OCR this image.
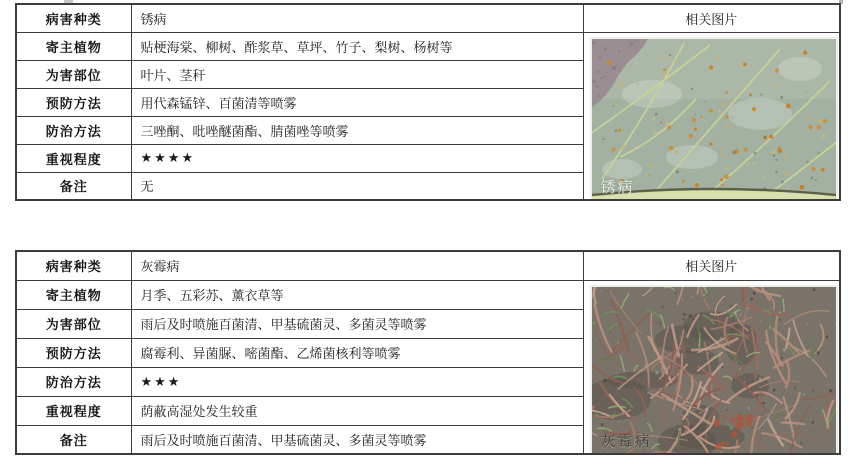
病害种类	锈病	相关图片
寄主植物	贴梗海棠、柳树、酢浆草、草坪、竹子、梨树、杨树等	锈病

为害部位	叶片、茎秆	
预防方法	用代森锰锌、百菌清等喷雾	
防治方法	三唑酮、吡唑醚菌酯、腈菌唑等喷雾	
重视程度	★★★★	
备注	无	
病害种类	灰霉病	相关图片
寄主植物	月季、五彩苏、薰衣草等	灰霉病

为害部位	雨后及时喷施百菌清、甲基硫菌灵、多菌灵等喷雾	
预防方法	腐霉利、异菌脲、嘧菌酯、乙烯菌核利等喷雾	
防治方法	★★★	
重视程度	荫蔽高湿处发生较重	
备注	雨后及时喷施百菌清、甲基硫菌灵、多菌灵等喷雾	
